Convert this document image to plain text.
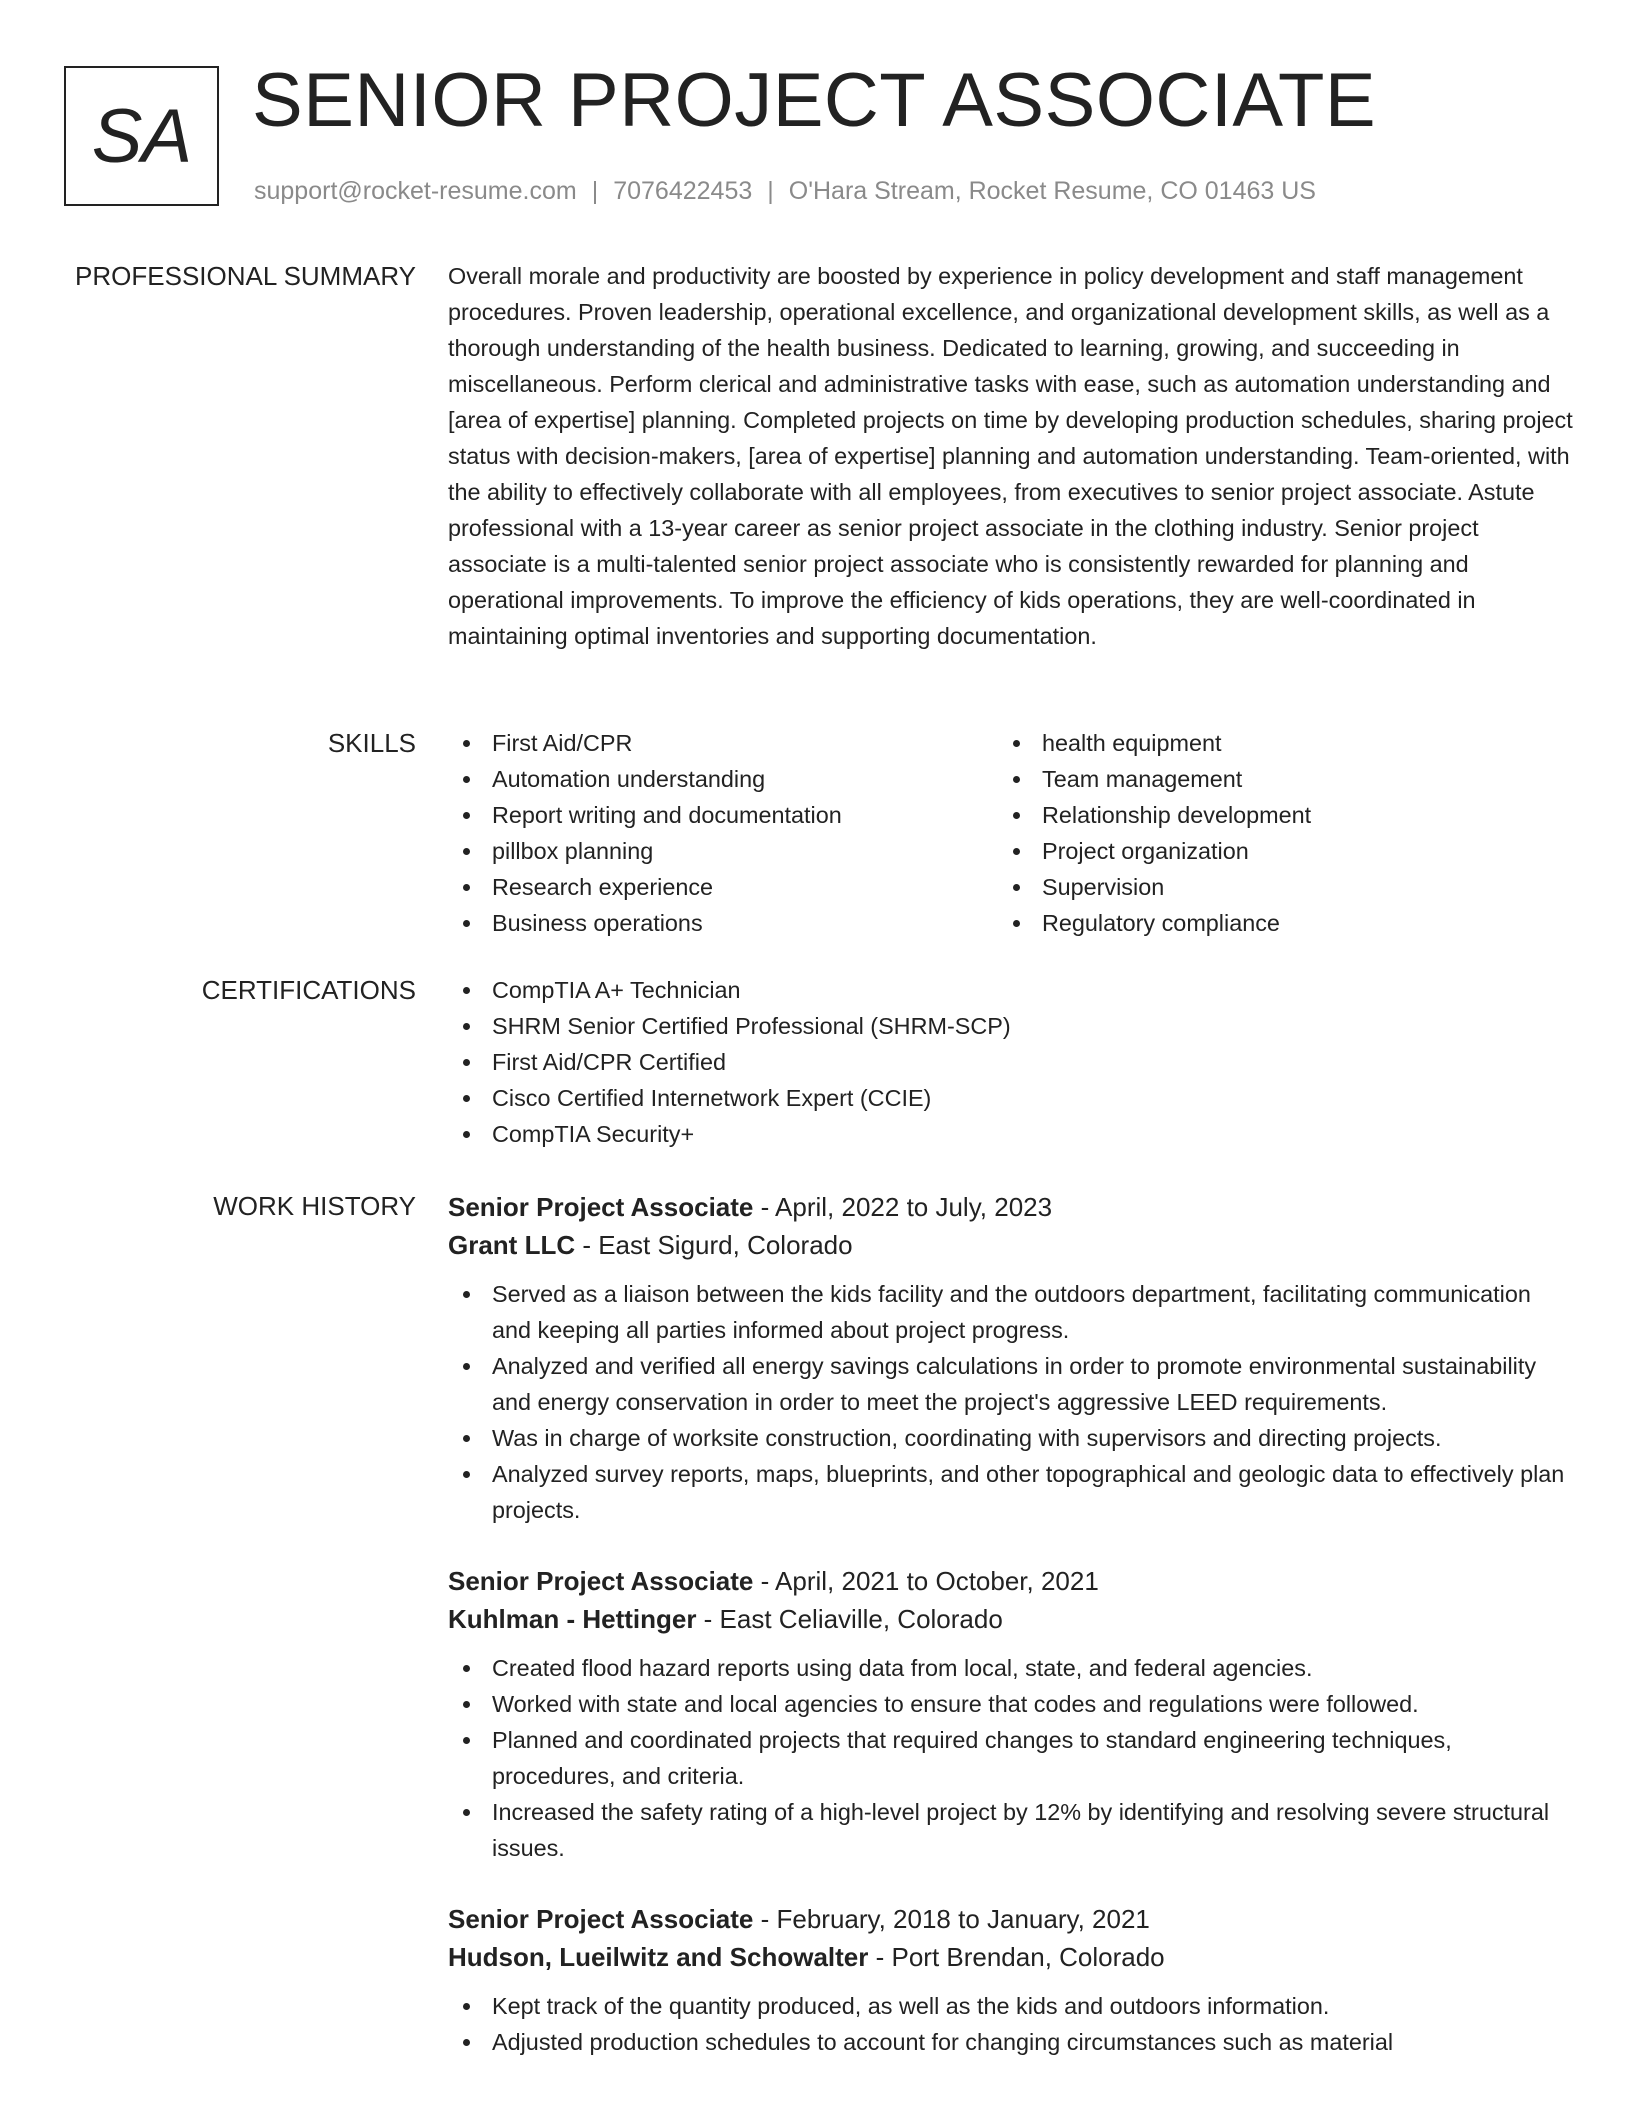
SA SENIOR PROJECT ASSOCIATE
support@rocket-resume.com | 7076422453 | O'Hara Stream, Rocket Resume, CO 01463 US
PROFESSIONAL SUMMARY Overall morale and productivity are boosted by experience in policy development and staff management procedures. Proven leadership, operational excellence, and organizational development skills, as well as a thorough understanding of the health business. Dedicated to learning, growing, and succeeding in miscellaneous. Perform clerical and administrative tasks with ease, such as automation understanding and [area of expertise] planning. Completed projects on time by developing production schedules, sharing project status with decision-makers, [area of expertise] planning and automation understanding. Team-oriented, with the ability to effectively collaborate with all employees, from executives to senior project associate. Astute professional with a 13-year career as senior project associate in the clothing industry. Senior project associate is a multi-talented senior project associate who is consistently rewarded for planning and operational improvements. To improve the efficiency of kids operations, they are well-coordinated in maintaining optimal inventories and supporting documentation.

SKILLS	First Aid/CPR
Automation understanding
Report writing and documentation
pillbox planning
Research experience
Business operations
health equipment
Team management
Relationship development
Project organization
Supervision
Regulatory compliance
CERTIFICATIONS	CompTIA A+ Technician
SHRM Senior Certified Professional (SHRM-SCP)
First Aid/CPR Certified
Cisco Certified Internetwork Expert (CCIE)
CompTIA Security+
WORK HISTORY Senior Project Associate - April, 2022 to July, 2023
Grant LLC - East Sigurd, Colorado
Served as a liaison between the kids facility and the outdoors department, facilitating communication and keeping all parties informed about project progress.
Analyzed and verified all energy savings calculations in order to promote environmental sustainability and energy conservation in order to meet the project's aggressive LEED requirements.
Was in charge of worksite construction, coordinating with supervisors and directing projects.
Analyzed survey reports, maps, blueprints, and other topographical and geologic data to effectively plan projects.
Senior Project Associate - April, 2021 to October, 2021
Kuhlman - Hettinger - East Celiaville, Colorado
Created flood hazard reports using data from local, state, and federal agencies.
Worked with state and local agencies to ensure that codes and regulations were followed.
Planned and coordinated projects that required changes to standard engineering techniques, procedures, and criteria.
Increased the safety rating of a high-level project by 12% by identifying and resolving severe structural issues.
Senior Project Associate - February, 2018 to January, 2021
Hudson, Lueilwitz and Schowalter - Port Brendan, Colorado
Kept track of the quantity produced, as well as the kids and outdoors information.
Adjusted production schedules to account for changing circumstances such as material
